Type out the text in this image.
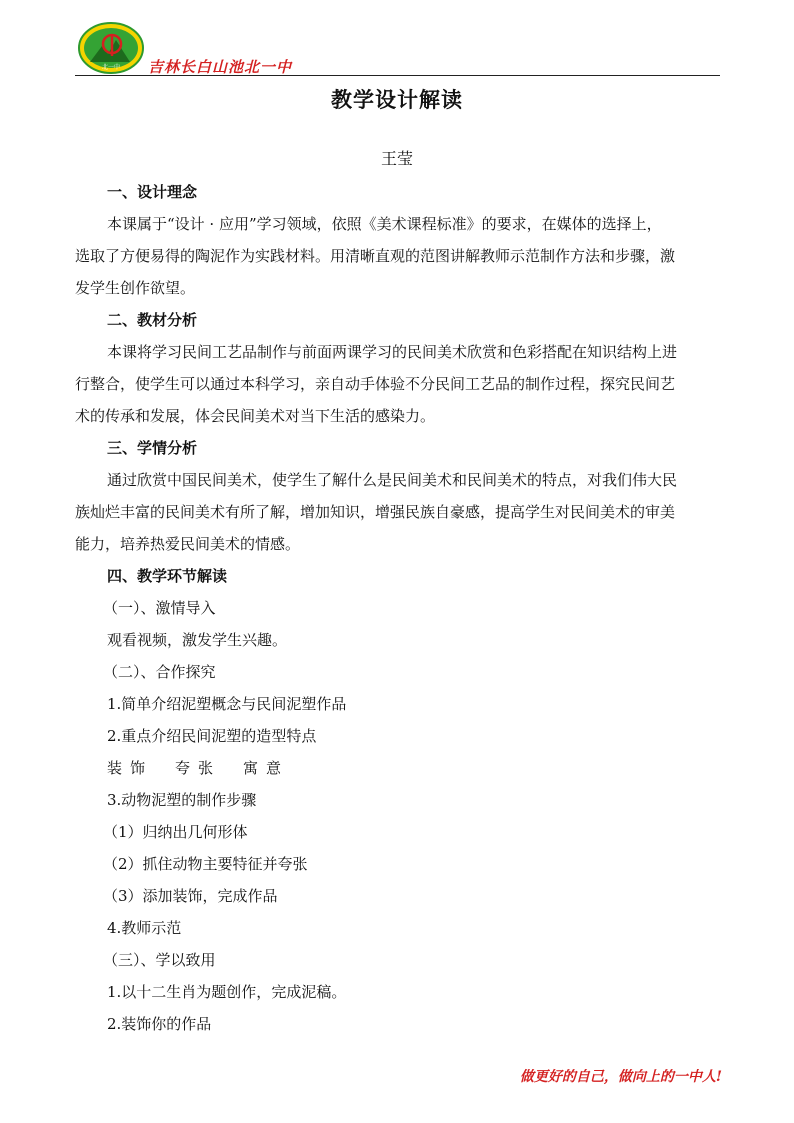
北一中 吉林长白山池北一中
教学设计解读
王莹
一、设计理念
本课属于“设计 · 应用”学习领域，依照《美术课程标准》的要求，在媒体的选择上，
选取了方便易得的陶泥作为实践材料。用清晰直观的范图讲解教师示范制作方法和步骤，激
发学生创作欲望。
二、教材分析
本课将学习民间工艺品制作与前面两课学习的民间美术欣赏和色彩搭配在知识结构上进
行整合，使学生可以通过本科学习，亲自动手体验不分民间工艺品的制作过程，探究民间艺
术的传承和发展，体会民间美术对当下生活的感染力。
三、学情分析
通过欣赏中国民间美术，使学生了解什么是民间美术和民间美术的特点，对我们伟大民
族灿烂丰富的民间美术有所了解，增加知识，增强民族自豪感，提高学生对民间美术的审美
能力，培养热爱民间美术的情感。
四、教学环节解读
（一）、激情导入
观看视频，激发学生兴趣。
（二）、合作探究
1.简单介绍泥塑概念与民间泥塑作品
2.重点介绍民间泥塑的造型特点
装饰 夸张 寓意
3.动物泥塑的制作步骤
（1）归纳出几何形体
（2）抓住动物主要特征并夸张
（3）添加装饰，完成作品
4.教师示范
（三）、学以致用
1.以十二生肖为题创作，完成泥稿。
2.装饰你的作品
做更好的自己，做向上的一中人!
